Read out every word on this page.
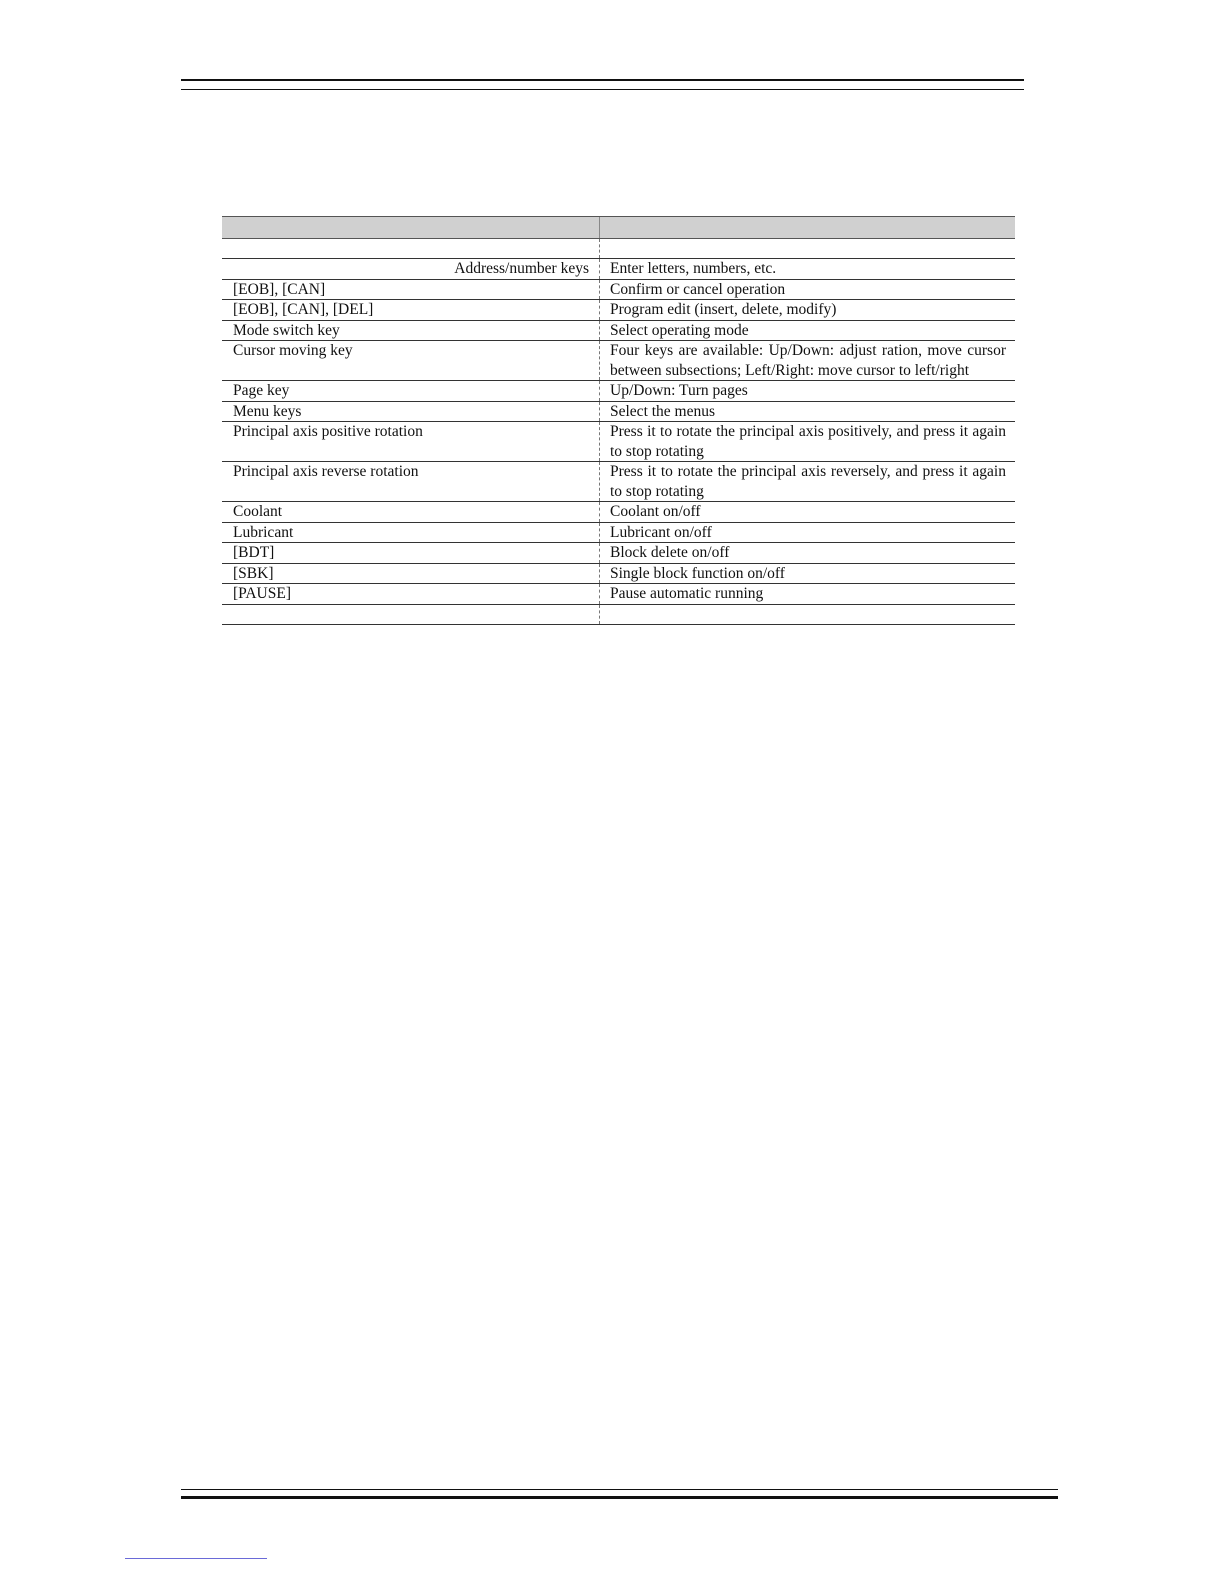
Address/number keys	Enter letters, numbers, etc.
[EOB], [CAN]	Confirm or cancel operation
[EOB], [CAN], [DEL]	Program edit (insert, delete, modify)
Mode switch key	Select operating mode
Cursor moving key	Four keys are available: Up/Down: adjust ration, move cursor between subsections; Left/Right: move cursor to left/right
Page key	Up/Down: Turn pages
Menu keys	Select the menus
Principal axis positive rotation	Press it to rotate the principal axis positively, and press it again to stop rotating
Principal axis reverse rotation	Press it to rotate the principal axis reversely, and press it again to stop rotating
Coolant	Coolant on/off
Lubricant	Lubricant on/off
[BDT]	Block delete on/off
[SBK]	Single block function on/off
[PAUSE]	Pause automatic running
